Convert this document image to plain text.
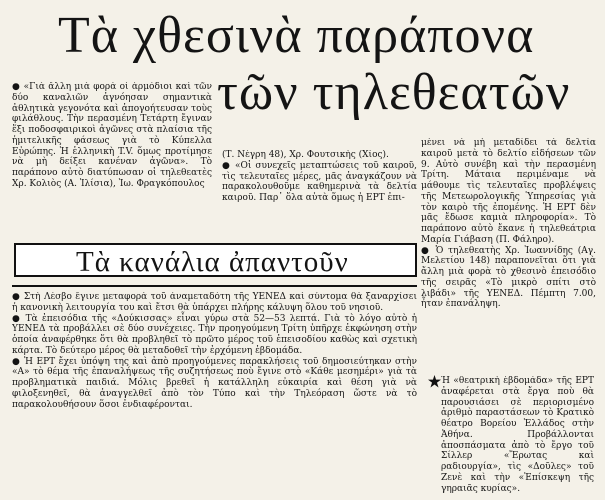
Τὰ χθεσινὰ παράπονα
τῶν τηλεθεατῶν

● «Γιὰ ἄλλη μιὰ φορὰ οἱ ἁρμόδιοι καὶ τῶν δύο καναλιῶν ἀγνόησαν σημαντικὰ ἀθλητικὰ γεγονότα καὶ ἀπογοήτευσαν τοὺς φιλάθλους. Τὴν περασμένη Τετάρτη ἔγιναν ἕξι ποδοσφαιρικοὶ ἀγῶνες στὰ πλαίσια τῆς ἡμιτελικῆς φάσεως γιὰ τὸ Κύπελλα Εὐρώπης. Ἡ ἑλληνικὴ T.V. ὅμως προτίμησε νὰ μὴ δείξει κανέναν ἀγῶνα». Τὸ παράπονο αὐτὸ διατύπωσαν οἱ τηλεθεατὲς Χρ. Κολιὸς (Α. Ἰλίσια), Ἰω. Φραγκόπουλος

(Τ. Νέγρη 48), Χρ. Φουτσικὴς (Χίος).

● «Οἱ συνεχεῖς μεταπτώσεις τοῦ καιροῦ, τὶς τελευταῖες μέρες, μᾶς ἀναγκάζουν νὰ παρακολουθοῦμε καθημερινὰ τὰ δελτία καιροῦ. Παρ᾽ ὅλα αὐτὰ ὅμως ἡ ΕΡΤ ἐπι-

μένει νὰ μὴ μεταδίδει τὰ δελτία καιροῦ μετὰ τὸ δελτίο εἰδήσεων τῶν 9. Αὐτὸ συνέβη καὶ τὴν περασμένη Τρίτη. Μάταια περιμέναμε νὰ μάθουμε τὶς τελευταῖες προβλέψεις τῆς Μετεωρολογικῆς Ὑπηρεσίας γιὰ τὸν καιρὸ τῆς ἐπομένης. Ἡ ΕΡΤ δὲν μᾶς ἔδωσε καμιὰ πληροφορία». Τὸ παράπονο αὐτὸ ἔκανε ἡ τηλεθεάτρια Μαρία Γιάβαση (Π. Φάληρο).

● Ὁ τηλεθεατὴς Χρ. Ἰωαννίδης (Αγ. Μελετίου 148) παραπονεῖται ὅτι γιὰ ἄλλη μιὰ φορὰ τὸ χθεσινὸ ἐπεισόδιο τῆς σειρᾶς «Τὸ μικρὸ σπίτι στὸ λιβάδι» τῆς ΥΕΝΕΔ. Πέμπτη 7.00, ἦταν ἐπανάληψη.

Τὰ κανάλια ἀπαντοῦν

● Στὴ Λέσβο ἔγινε μεταφορὰ τοῦ ἀναμεταδότη τῆς ΥΕΝΕΔ καὶ σύντομα θὰ ξαναρχίσει ἡ κανονικὴ λειτουργία του καὶ ἔτσι θὰ ὑπάρχει πλήρης κάλυψη ὅλου τοῦ νησιοῦ.

● Τὰ ἐπεισόδια τῆς «Δούκισσας» εἶναι γύρω στὰ 52—53 λεπτά. Γιὰ τὸ λόγο αὐτὸ ἡ ΥΕΝΕΔ τὰ προβάλλει σὲ δύο συνέχειες. Τὴν προηγούμενη Τρίτη ὑπῆρχε ἐκφώνηση στὴν ὁποία ἀναφέρθηκε ὅτι θὰ προβληθεῖ τὸ πρῶτο μέρος τοῦ ἐπεισοδίου καθὼς καὶ σχετικὴ κάρτα. Τὸ δεύτερο μέρος θὰ μεταδοθεῖ τὴν ἐρχόμενη ἑβδομάδα.

● Ἡ ΕΡΤ ἔχει ὑπόψη της καὶ ἀπὸ προηγούμενες παρακλήσεις τοῦ δημοσιεύτηκαν στὴν «Α» τὸ θέμα τῆς ἐπαναλήψεως τῆς συζητήσεως ποὺ ἔγινε στὸ «Κάθε μεσημέρι» γιὰ τὰ προβληματικὰ παιδιά. Μόλις βρεθεῖ ἡ κατάλληλη εὐκαιρία καὶ θέση γιὰ νὰ φιλοξενηθεῖ, θὰ ἀναγγελθεῖ ἀπὸ τὸν Τύπο καὶ τὴν Τηλεόραση ὥστε νὰ τὸ παρακολουθήσουν ὅσοι ἐνδιαφέρονται.

Ἡ «θεατρικὴ ἑβδομάδα» τῆς ΕΡΤ ἀναφέρεται στὰ ἔργα ποὺ θὰ παρουσιάσει σὲ περιορισμένο ἀριθμὸ παραστάσεων τὸ Κρατικὸ θέατρο Βορείου Ἑλλάδος στὴν Ἀθήνα. Προβάλλονται ἀποσπάσματα ἀπὸ τὸ ἔργο τοῦ Σίλλερ «Ἔρωτας καὶ ραδιουργία», τὶς «Δοῦλες» τοῦ Ζενὲ καὶ τὴν «Ἐπίσκεψη τῆς γηραιᾶς κυρίας».
